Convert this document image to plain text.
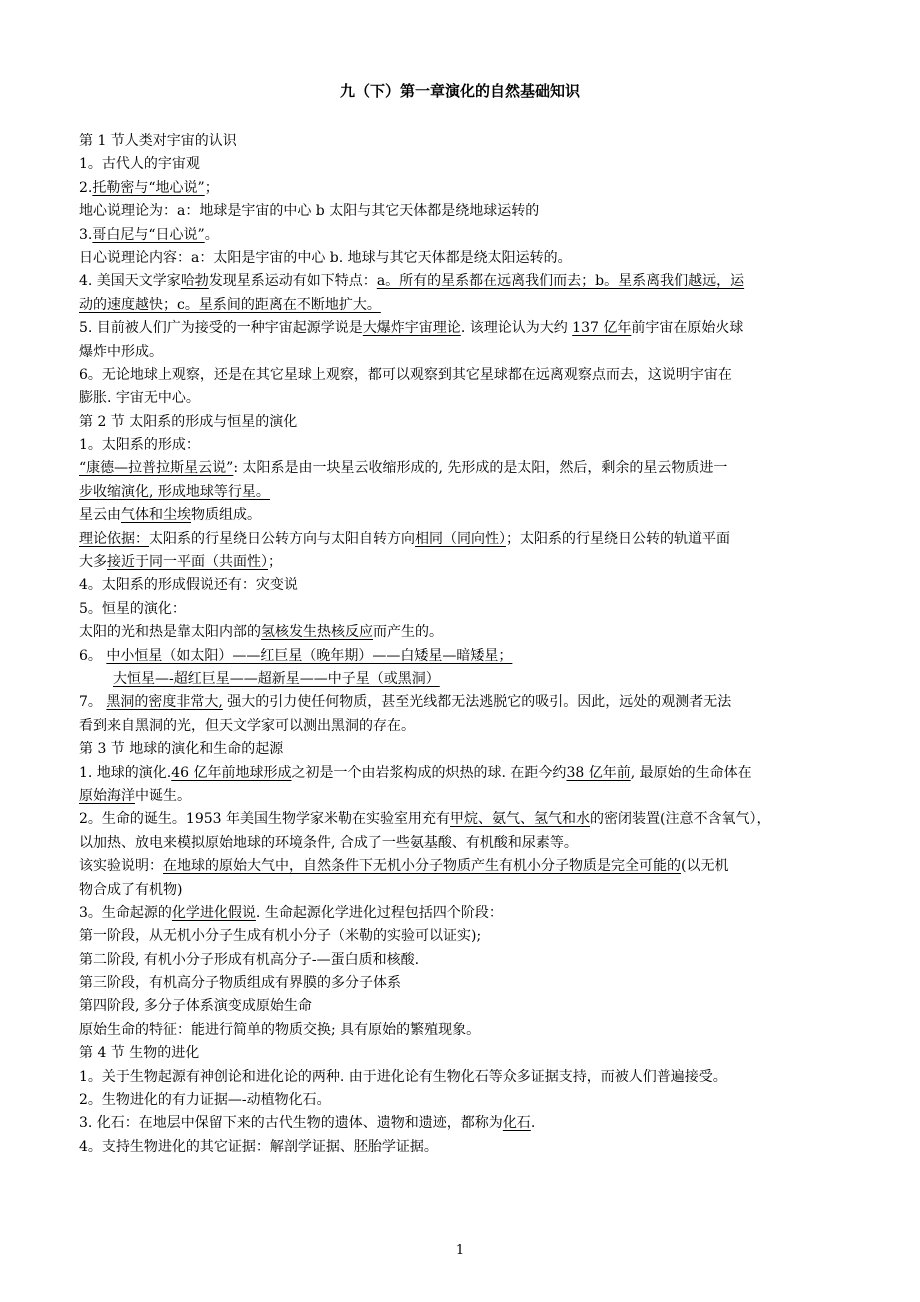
九（下）第一章演化的自然基础知识
第 1 节人类对宇宙的认识
1。古代人的宇宙观
2.托勒密与“地心说”；
地心说理论为：a：地球是宇宙的中心 b 太阳与其它天体都是绕地球运转的
3.哥白尼与“日心说”。
日心说理论内容：a：太阳是宇宙的中心 b. 地球与其它天体都是绕太阳运转的。
4. 美国天文学家哈勃发现星系运动有如下特点：a。所有的星系都在远离我们而去；b。星系离我们越远，运
动的速度越快；c。星系间的距离在不断地扩大。
5. 目前被人们广为接受的一种宇宙起源学说是大爆炸宇宙理论. 该理论认为大约 137 亿年前宇宙在原始火球
爆炸中形成。
6。无论地球上观察，还是在其它星球上观察，都可以观察到其它星球都在远离观察点而去，这说明宇宙在
膨胀. 宇宙无中心。
第 2 节 太阳系的形成与恒星的演化
1。太阳系的形成：
“康德—拉普拉斯星云说”: 太阳系是由一块星云收缩形成的, 先形成的是太阳，然后，剩余的星云物质进一
步收缩演化, 形成地球等行星。
星云由气体和尘埃物质组成。
理论依据：太阳系的行星绕日公转方向与太阳自转方向相同（同向性）；太阳系的行星绕日公转的轨道平面
大多接近于同一平面（共面性）；
4。太阳系的形成假说还有：灾变说
5。恒星的演化：
太阳的光和热是靠太阳内部的氢核发生热核反应而产生的。
6。 中小恒星（如太阳）——红巨星（晚年期）——白矮星—暗矮星；
大恒星—-超红巨星——超新星——中子星（或黑洞）
7。 黑洞的密度非常大, 强大的引力使任何物质，甚至光线都无法逃脱它的吸引。因此，远处的观测者无法
看到来自黑洞的光，但天文学家可以测出黑洞的存在。
第 3 节 地球的演化和生命的起源
1. 地球的演化.46 亿年前地球形成之初是一个由岩浆构成的炽热的球. 在距今约38 亿年前, 最原始的生命体在
原始海洋中诞生。
2。生命的诞生。1953 年美国生物学家米勒在实验室用充有甲烷、氨气、氢气和水的密闭装置(注意不含氧气），
以加热、放电来模拟原始地球的环境条件, 合成了一些氨基酸、有机酸和尿素等。
该实验说明：在地球的原始大气中，自然条件下无机小分子物质产生有机小分子物质是完全可能的(以无机
物合成了有机物)
3。生命起源的化学进化假说. 生命起源化学进化过程包括四个阶段：
第一阶段，从无机小分子生成有机小分子（米勒的实验可以证实);
第二阶段, 有机小分子形成有机高分子-—蛋白质和核酸.
第三阶段，有机高分子物质组成有界膜的多分子体系
第四阶段, 多分子体系演变成原始生命
原始生命的特征：能进行简单的物质交换; 具有原始的繁殖现象。
第 4 节 生物的进化
1。关于生物起源有神创论和进化论的两种. 由于进化论有生物化石等众多证据支持，而被人们普遍接受。
2。生物进化的有力证据—-动植物化石。
3. 化石：在地层中保留下来的古代生物的遗体、遗物和遗迹，都称为化石.
4。支持生物进化的其它证据：解剖学证据、胚胎学证据。
1
